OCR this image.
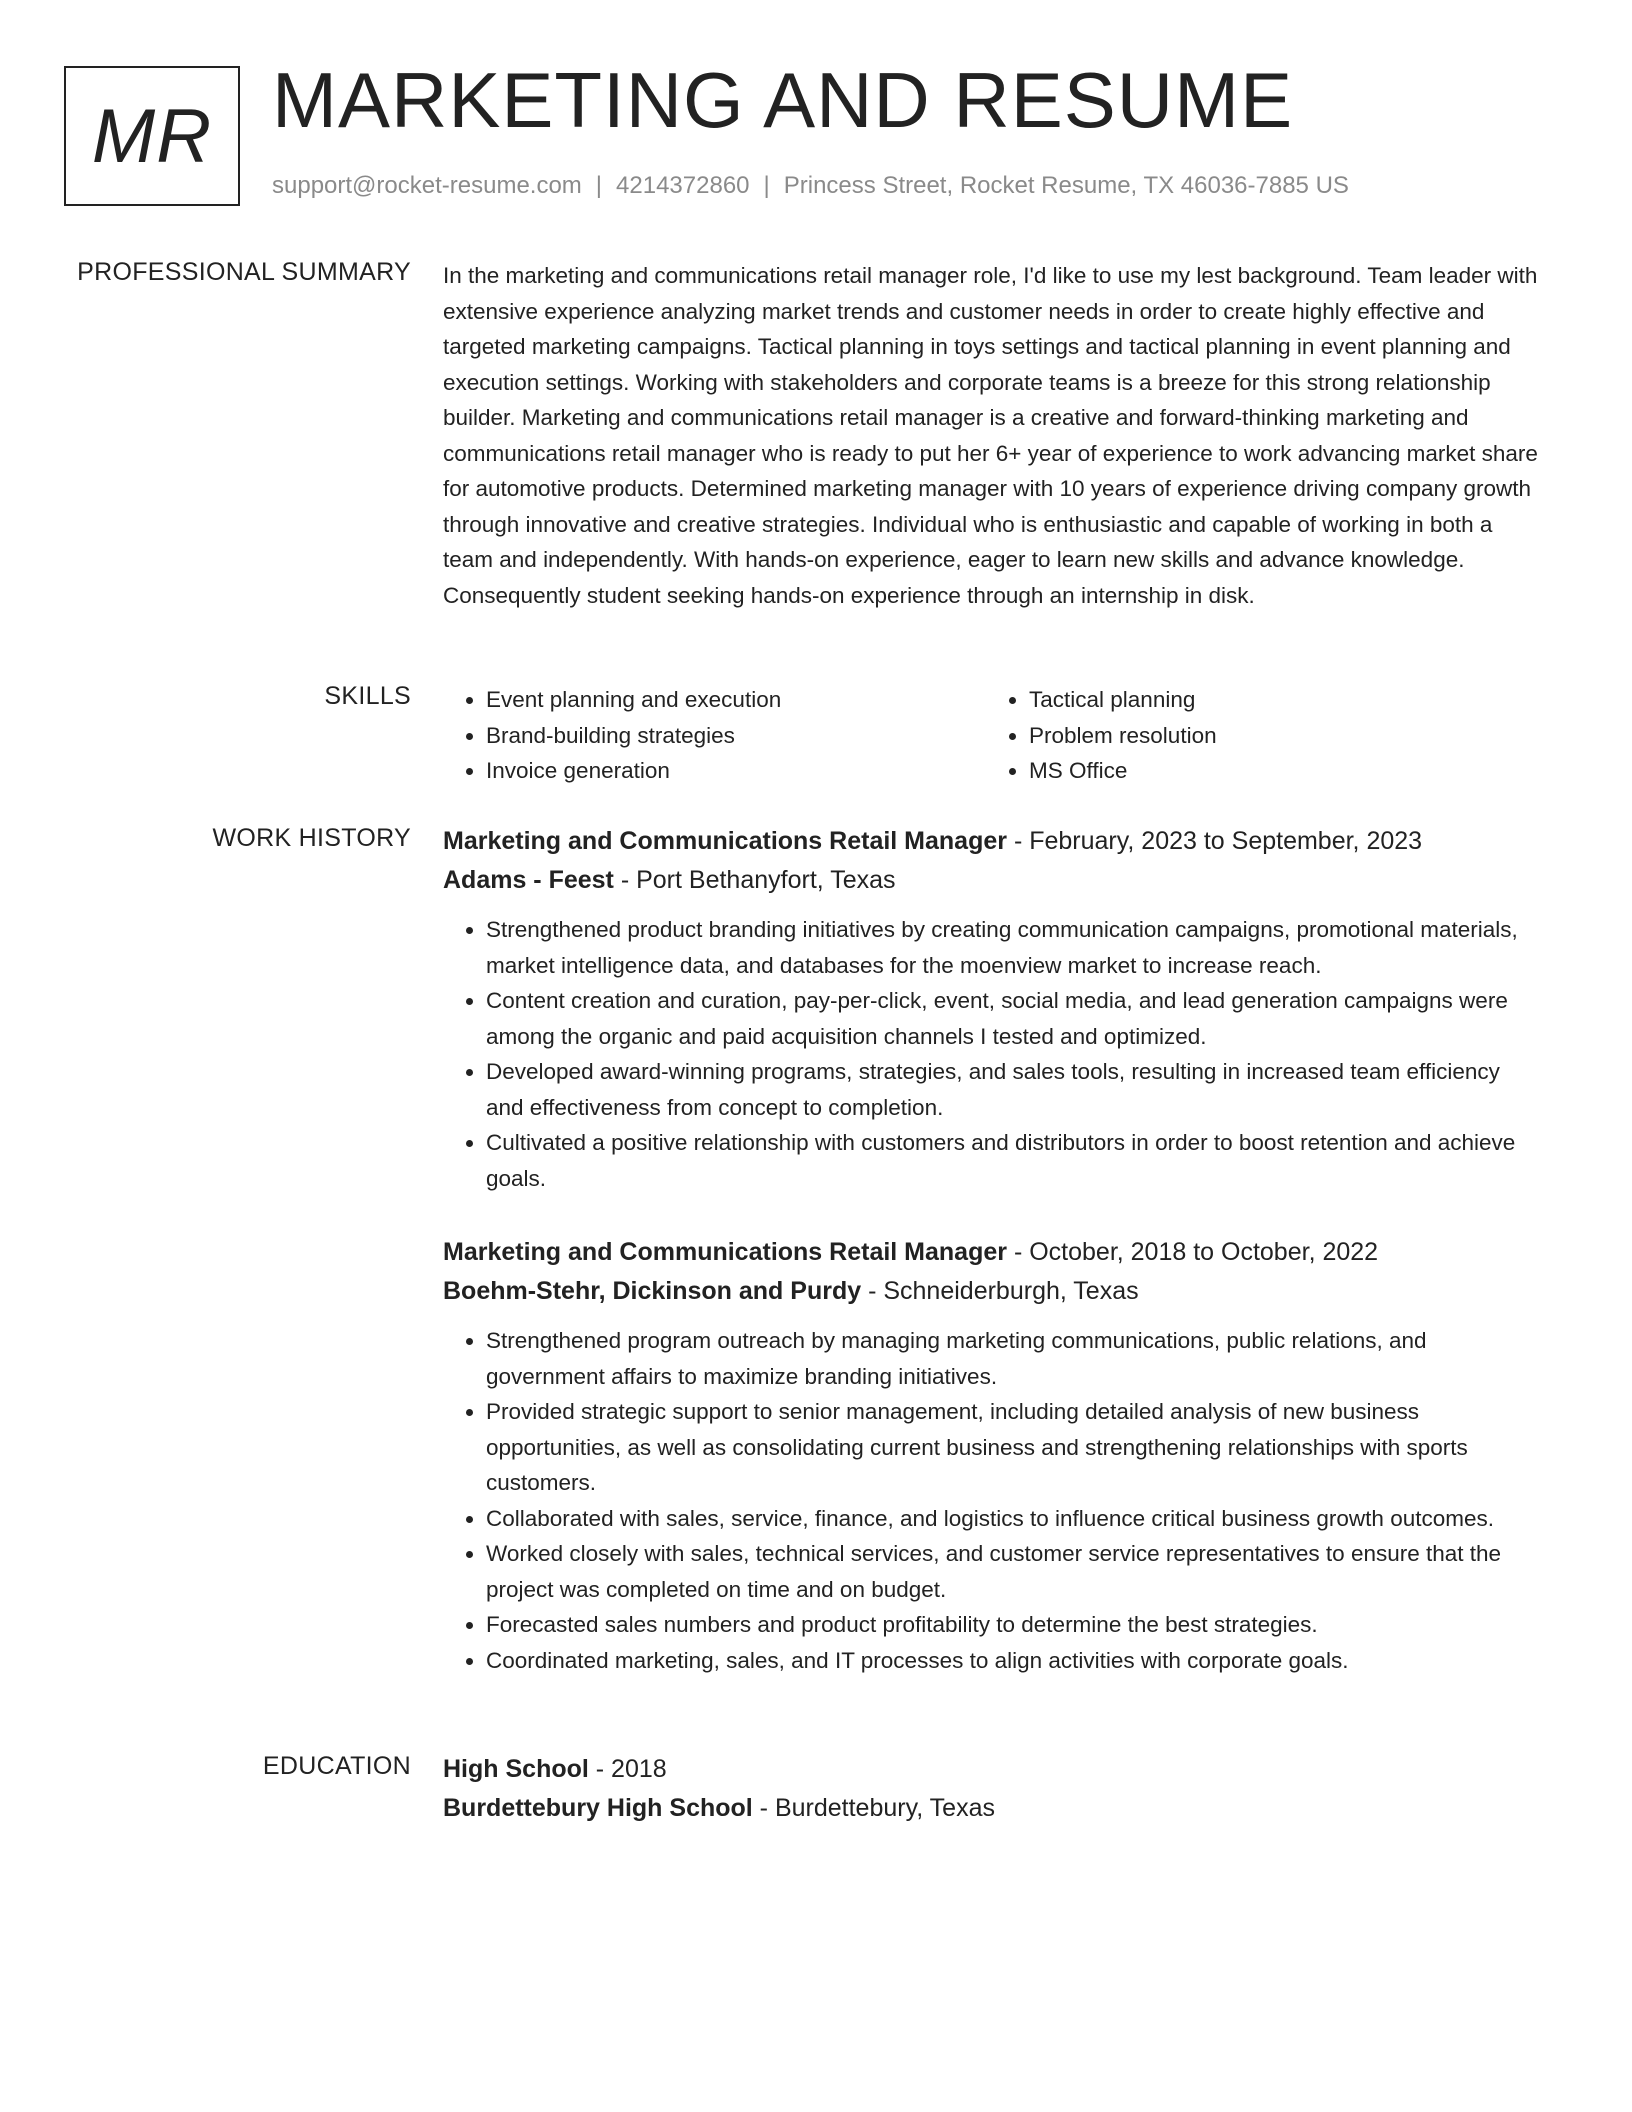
MR MARKETING AND RESUME
support@rocket-resume.com | 4214372860 | Princess Street, Rocket Resume, TX 46036-7885 US
PROFESSIONAL SUMMARY In the marketing and communications retail manager role, I'd like to use my lest background. Team leader with extensive experience analyzing market trends and customer needs in order to create highly effective and targeted marketing campaigns. Tactical planning in toys settings and tactical planning in event planning and execution settings. Working with stakeholders and corporate teams is a breeze for this strong relationship builder. Marketing and communications retail manager is a creative and forward-thinking marketing and communications retail manager who is ready to put her 6+ year of experience to work advancing market share for automotive products. Determined marketing manager with 10 years of experience driving company growth through innovative and creative strategies. Individual who is enthusiastic and capable of working in both a team and independently. With hands-on experience, eager to learn new skills and advance knowledge. Consequently student seeking hands-on experience through an internship in disk.

SKILLS
•	Event planning and execution
• Brand-building strategies
• Invoice generation
• Tactical planning
• Problem resolution
• MS Office
WORK HISTORY Marketing and Communications Retail Manager - February, 2023 to September, 2023
Adams - Feest - Port Bethanyfort, Texas
• Strengthened product branding initiatives by creating communication campaigns, promotional materials, market intelligence data, and databases for the moenview market to increase reach.
• Content creation and curation, pay-per-click, event, social media, and lead generation campaigns were among the organic and paid acquisition channels I tested and optimized.
• Developed award-winning programs, strategies, and sales tools, resulting in increased team efficiency and effectiveness from concept to completion.
• Cultivated a positive relationship with customers and distributors in order to boost retention and achieve goals.
Marketing and Communications Retail Manager - October, 2018 to October, 2022
Boehm-Stehr, Dickinson and Purdy - Schneiderburgh, Texas
• Strengthened program outreach by managing marketing communications, public relations, and government affairs to maximize branding initiatives.
• Provided strategic support to senior management, including detailed analysis of new business opportunities, as well as consolidating current business and strengthening relationships with sports customers.
• Collaborated with sales, service, finance, and logistics to influence critical business growth outcomes.
• Worked closely with sales, technical services, and customer service representatives to ensure that the project was completed on time and on budget.
• Forecasted sales numbers and product profitability to determine the best strategies.
• Coordinated marketing, sales, and IT processes to align activities with corporate goals.
EDUCATION High School - 2018
Burdettebury High School - Burdettebury, Texas
